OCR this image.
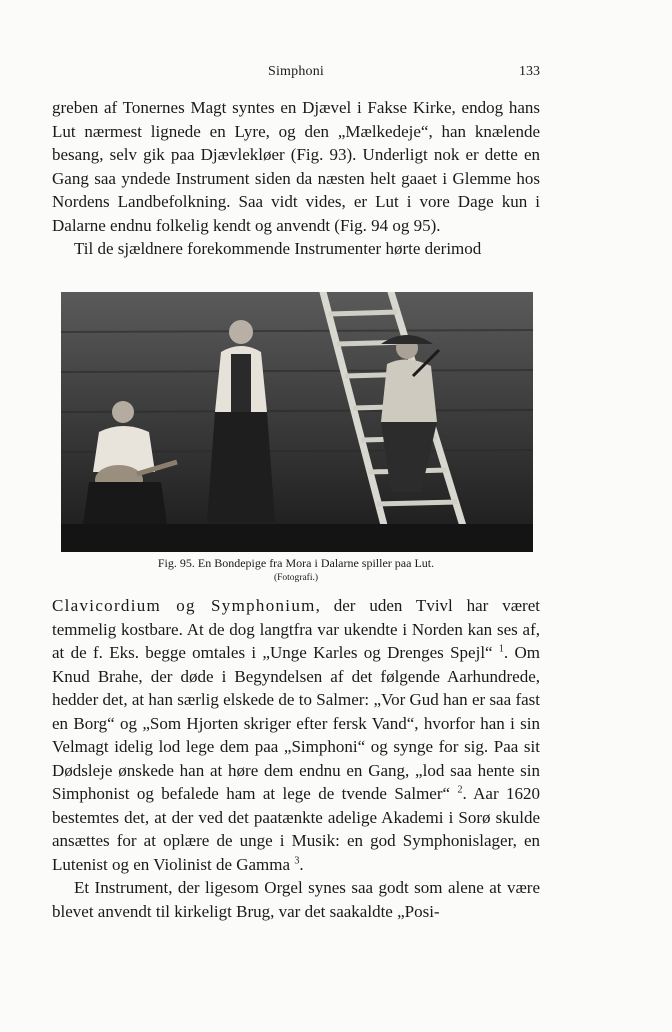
Simphoni	133

greben af Tonernes Magt syntes en Djævel i Fakse Kirke, endog hans Lut nærmest lignede en Lyre, og den „Mælkedeje“, han knælende besang, selv gik paa Djævlekløer (Fig. 93). Underligt nok er dette en Gang saa yndede Instrument siden da næsten helt gaaet i Glemme hos Nordens Landbefolkning. Saa vidt vides, er Lut i vore Dage kun i Dalarne endnu folkelig kendt og anvendt (Fig. 94 og 95).

Til de sjældnere forekommende Instrumenter hørte derimod

Fig. 95. En Bondepige fra Mora i Dalarne spiller paa Lut.
(Fotografi.)

Clavicordium og Symphonium, der uden Tvivl har været temmelig kostbare. At de dog langtfra var ukendte i Norden kan ses af, at de f. Eks. begge omtales i „Unge Karles og Drenges Spejl“ $^1$. Om Knud Brahe, der døde i Begyndelsen af det følgende Aarhundrede, hedder det, at han særlig elskede de to Salmer: „Vor Gud han er saa fast en Borg“ og „Som Hjorten skriger efter fersk Vand“, hvorfor han i sin Velmagt idelig lod lege dem paa „Simphoni“ og synge for sig. Paa sit Dødsleje ønskede han at høre dem endnu en Gang, „lod saa hente sin Simphonist og befalede ham at lege de tvende Salmer“ $^2$. Aar 1620 bestemtes det, at der ved det paatænkte adelige Akademi i Sorø skulde ansættes for at oplære de unge i Musik: en god Symphonislager, en Lutenist og en Violinist de Gamma $^3$.

Et Instrument, der ligesom Orgel synes saa godt som alene at være blevet anvendt til kirkeligt Brug, var det saakaldte „Posi-
